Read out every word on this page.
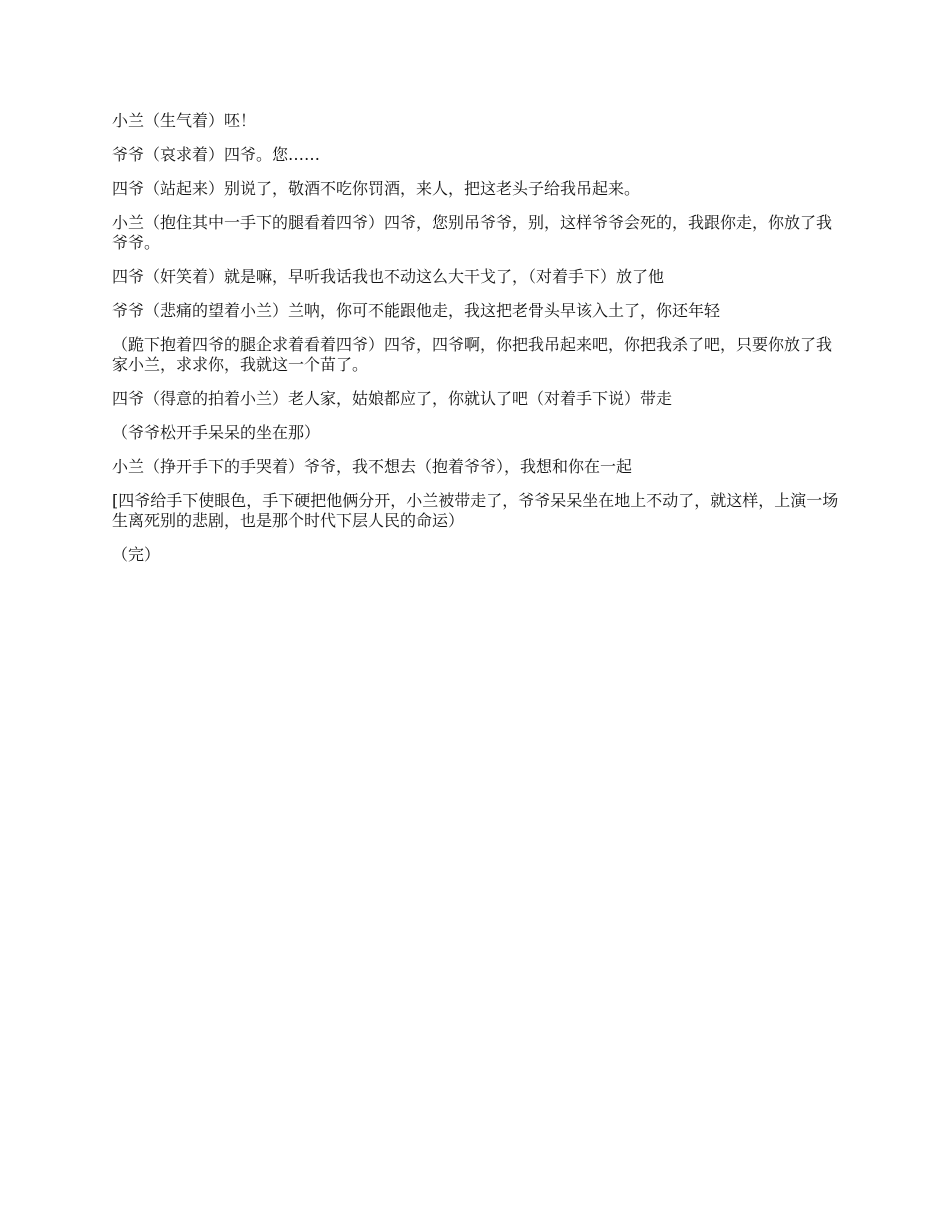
小兰（生气着）呸！

爷爷（哀求着）四爷。您……

四爷（站起来）别说了，敬酒不吃你罚酒，来人，把这老头子给我吊起来。

小兰（抱住其中一手下的腿看着四爷）四爷，您别吊爷爷，别，这样爷爷会死的，我跟你走，你放了我爷爷。

四爷（奸笑着）就是嘛，早听我话我也不动这么大干戈了，（对着手下）放了他

爷爷（悲痛的望着小兰）兰呐，你可不能跟他走，我这把老骨头早该入土了，你还年轻

（跪下抱着四爷的腿企求着看着四爷）四爷，四爷啊，你把我吊起来吧，你把我杀了吧，只要你放了我家小兰，求求你，我就这一个苗了。

四爷（得意的拍着小兰）老人家，姑娘都应了，你就认了吧（对着手下说）带走

（爷爷松开手呆呆的坐在那）

小兰（挣开手下的手哭着）爷爷，我不想去（抱着爷爷），我想和你在一起

[四爷给手下使眼色，手下硬把他俩分开，小兰被带走了，爷爷呆呆坐在地上不动了，就这样，上演一场生离死别的悲剧，也是那个时代下层人民的命运）

（完）
